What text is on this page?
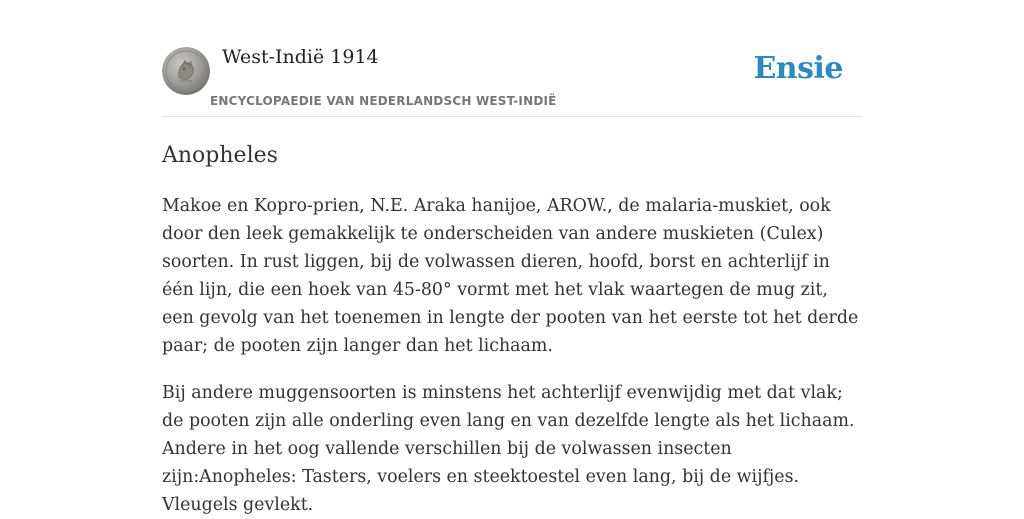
West-Indië 1914
ENCYCLOPAEDIE VAN NEDERLANDSCH WEST-INDIË
Ensie
Anopheles

Makoe en Kopro-prien, N.E. Araka hanijoe, AROW., de malaria-muskiet, ook door den leek gemakkelijk te onderscheiden van andere muskieten (Culex) soorten. In rust liggen, bij de volwassen dieren, hoofd, borst en achterlijf in één lijn, die een hoek van 45-80° vormt met het vlak waartegen de mug zit, een gevolg van het toenemen in lengte der pooten van het eerste tot het derde paar; de pooten zijn langer dan het lichaam.

Bij andere muggensoorten is minstens het achterlijf evenwijdig met dat vlak; de pooten zijn alle onderling even lang en van dezelfde lengte als het lichaam. Andere in het oog vallende verschillen bij de volwassen insecten zijn:Anopheles: Tasters, voelers en steektoestel even lang, bij de wijfjes. Vleugels gevlekt.
